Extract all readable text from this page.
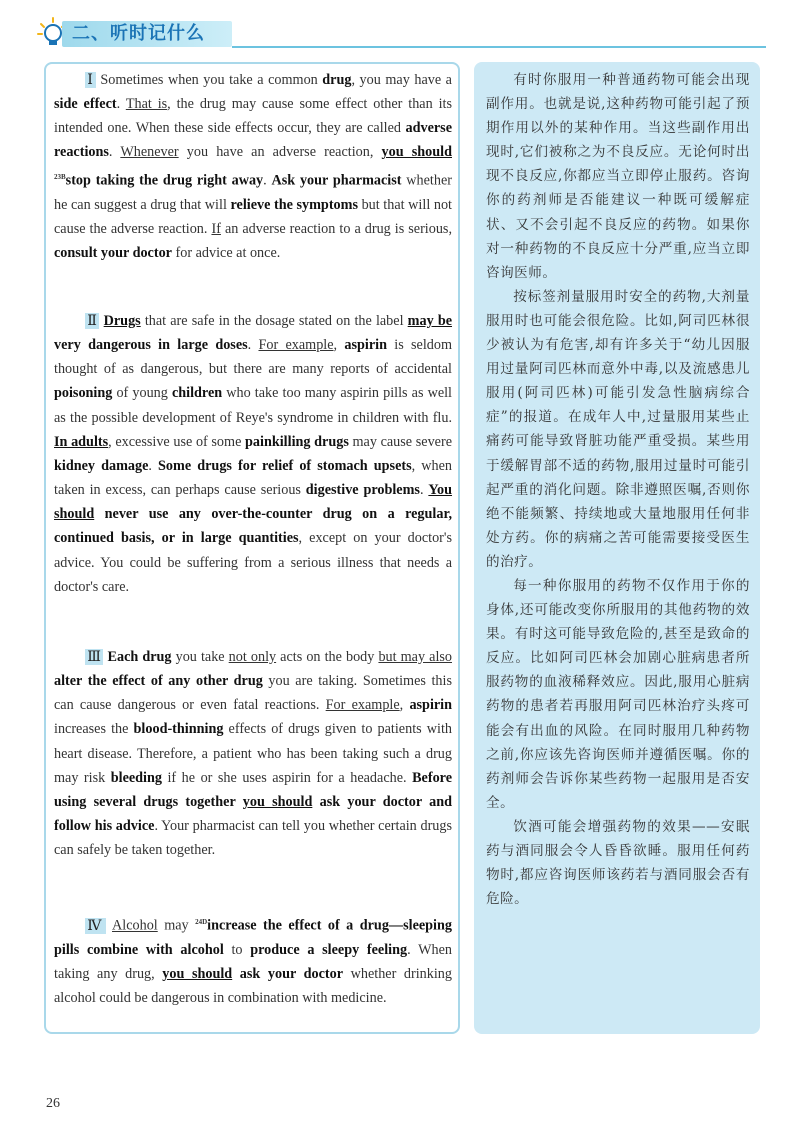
二、听时记什么

Ⅰ Sometimes when you take a common drug, you may have a side effect. That is, the drug may cause some effect other than its intended one. When these side effects occur, they are called adverse reactions. Whenever you have an adverse reaction, you should $^{23B}$stop taking the drug right away. Ask your pharmacist whether he can suggest a drug that will relieve the symptoms but that will not cause the adverse reaction. If an adverse reaction to a drug is serious, consult your doctor for advice at once.

Ⅱ Drugs that are safe in the dosage stated on the label may be very dangerous in large doses. For example, aspirin is seldom thought of as dangerous, but there are many reports of accidental poisoning of young children who take too many aspirin pills as well as the possible development of Reye's syndrome in children with flu. In adults, excessive use of some painkilling drugs may cause severe kidney damage. Some drugs for relief of stomach upsets, when taken in excess, can perhaps cause serious digestive problems. You should never use any over-the-counter drug on a regular, continued basis, or in large quantities, except on your doctor's advice. You could be suffering from a serious illness that needs a doctor's care.

Ⅲ Each drug you take not only acts on the body but may also alter the effect of any other drug you are taking. Sometimes this can cause dangerous or even fatal reactions. For example, aspirin increases the blood-thinning effects of drugs given to patients with heart disease. Therefore, a patient who has been taking such a drug may risk bleeding if he or she uses aspirin for a headache. Before using several drugs together you should ask your doctor and follow his advice. Your pharmacist can tell you whether certain drugs can safely be taken together.

Ⅳ Alcohol may $^{24D}$increase the effect of a drug—sleeping pills combine with alcohol to produce a sleepy feeling. When taking any drug, you should ask your doctor whether drinking alcohol could be dangerous in combination with medicine.

有时你服用一种普通药物可能会出现副作用。也就是说,这种药物可能引起了预期作用以外的某种作用。当这些副作用出现时,它们被称之为不良反应。无论何时出现不良反应,你都应当立即停止服药。咨询你的药剂师是否能建议一种既可缓解症状、又不会引起不良反应的药物。如果你对一种药物的不良反应十分严重,应当立即咨询医师。

按标签剂量服用时安全的药物,大剂量服用时也可能会很危险。比如,阿司匹林很少被认为有危害,却有许多关于“幼儿因服用过量阿司匹林而意外中毒,以及流感患儿服用(阿司匹林)可能引发急性脑病综合症”的报道。在成年人中,过量服用某些止痛药可能导致肾脏功能严重受损。某些用于缓解胃部不适的药物,服用过量时可能引起严重的消化问题。除非遵照医嘱,否则你绝不能频繁、持续地或大量地服用任何非处方药。你的病痛之苦可能需要接受医生的治疗。

每一种你服用的药物不仅作用于你的身体,还可能改变你所服用的其他药物的效果。有时这可能导致危险的,甚至是致命的反应。比如阿司匹林会加剧心脏病患者所服药物的血液稀释效应。因此,服用心脏病药物的患者若再服用阿司匹林治疗头疼可能会有出血的风险。在同时服用几种药物之前,你应该先咨询医师并遵循医嘱。你的药剂师会告诉你某些药物一起服用是否安全。

饮酒可能会增强药物的效果——安眠药与酒同服会令人昏昏欲睡。服用任何药物时,都应咨询医师该药若与酒同服会否有危险。

26
